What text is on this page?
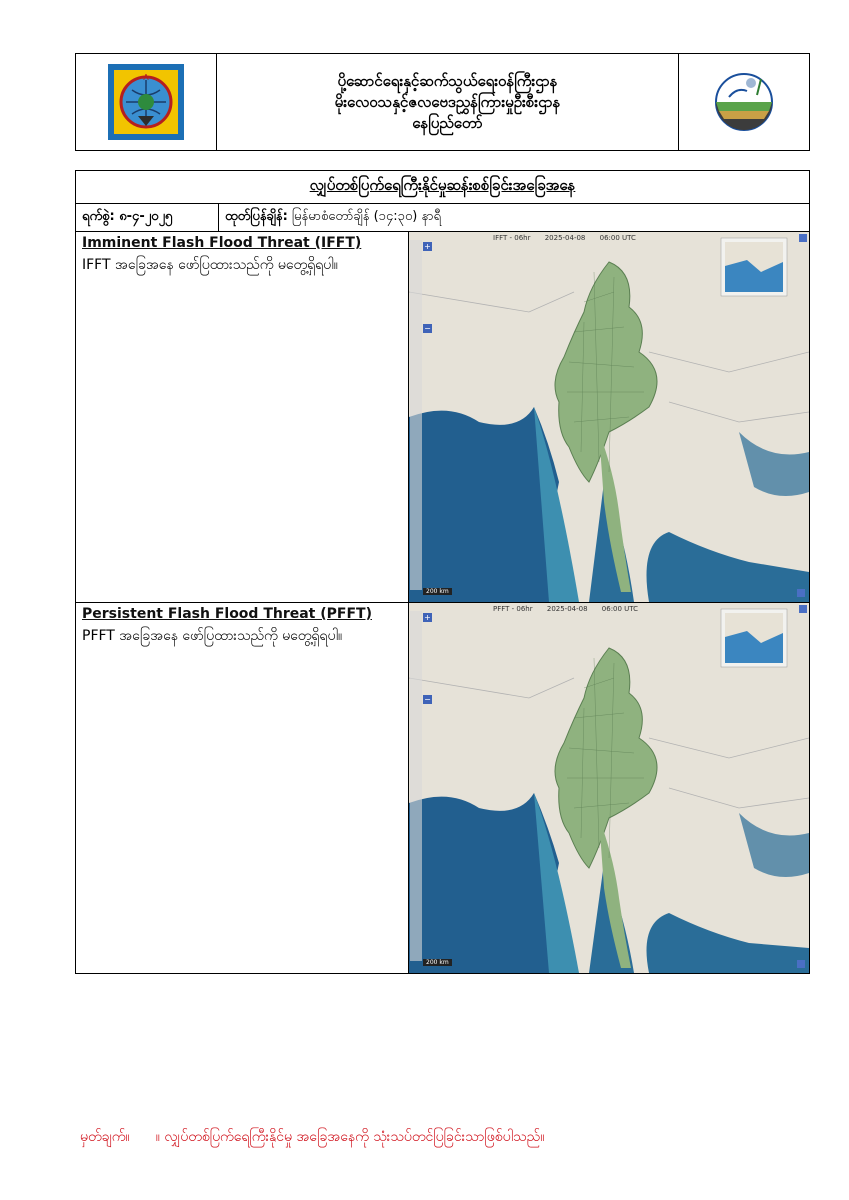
A	ပို့ဆောင်ရေးနှင့်ဆက်သွယ်ရေးဝန်ကြီးဌာန
မိုးလေဝသနှင့်ဇလဗေဒညွှန်ကြားမှုဦးစီးဌာန
နေပြည်တော်
လျှပ်တစ်ပြက်ရေကြီးနိုင်မှုဆန်းစစ်ခြင်းအခြေအနေ
ရက်စွဲ: ၈-၄-၂၀၂၅	ထုတ်ပြန်ချိန်: မြန်မာစံတော်ချိန် (၁၄:၃၀) နာရီ
Imminent Flash Flood Threat (IFFT)
IFFT အခြေအနေ ဖော်ပြထားသည်ကို မတွေ့ရှိရပါ။
IFFT - 06hr 2025-04-08 06:00 UTC
+
−
200 km
Persistent Flash Flood Threat (PFFT)
PFFT အခြေအနေ ဖော်ပြထားသည်ကို မတွေ့ရှိရပါ။
PFFT - 06hr 2025-04-08 06:00 UTC
+
−
200 km
မှတ်ချက်။ ။ လျှပ်တစ်ပြက်ရေကြီးနိုင်မှု အခြေအနေကို သုံးသပ်တင်ပြခြင်းသာဖြစ်ပါသည်။
